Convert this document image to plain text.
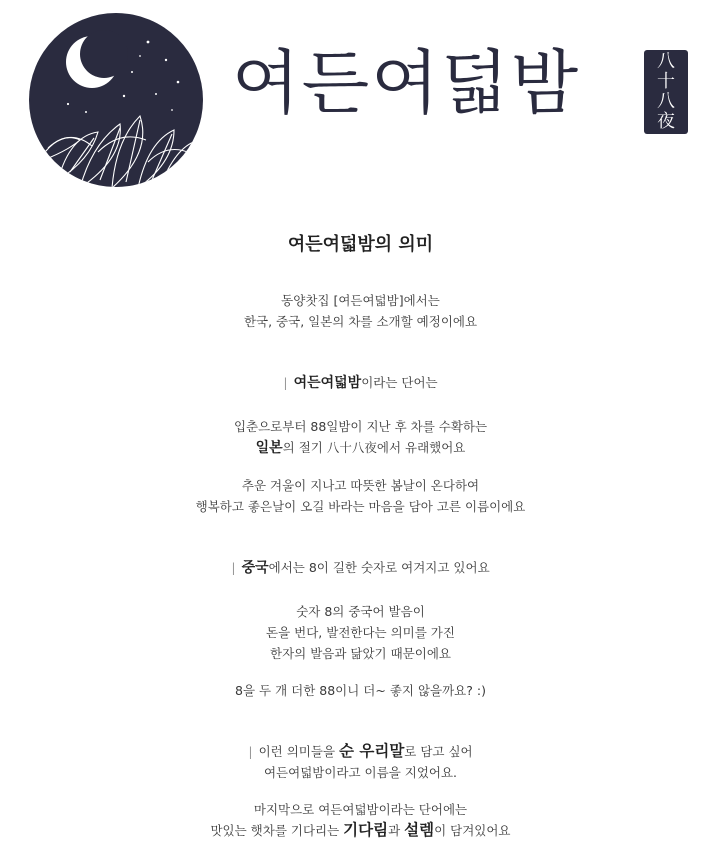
여든여덟밤	八
十
八
夜
여든여덟밤의 의미
동양찻집 [여든여덟밤]에서는
한국, 중국, 일본의 차를 소개할 예정이에요
| 여든여덟밤이라는 단어는
입춘으로부터 88일밤이 지난 후 차를 수확하는
일본의 절기 八十八夜에서 유래했어요
추운 겨울이 지나고 따뜻한 봄날이 온다하여
행복하고 좋은날이 오길 바라는 마음을 담아 고른 이름이에요
| 중국에서는 8이 길한 숫자로 여겨지고 있어요
숫자 8의 중국어 발음이
돈을 번다, 발전한다는 의미를 가진
한자의 발음과 닮았기 때문이에요
8을 두 개 더한 88이니 더~ 좋지 않을까요? :)
| 이런 의미들을 순 우리말로 담고 싶어
여든여덟밤이라고 이름을 지었어요.
마지막으로 여든여덟밤이라는 단어에는
맛있는 햇차를 기다리는 기다림과 설렘이 담겨있어요
